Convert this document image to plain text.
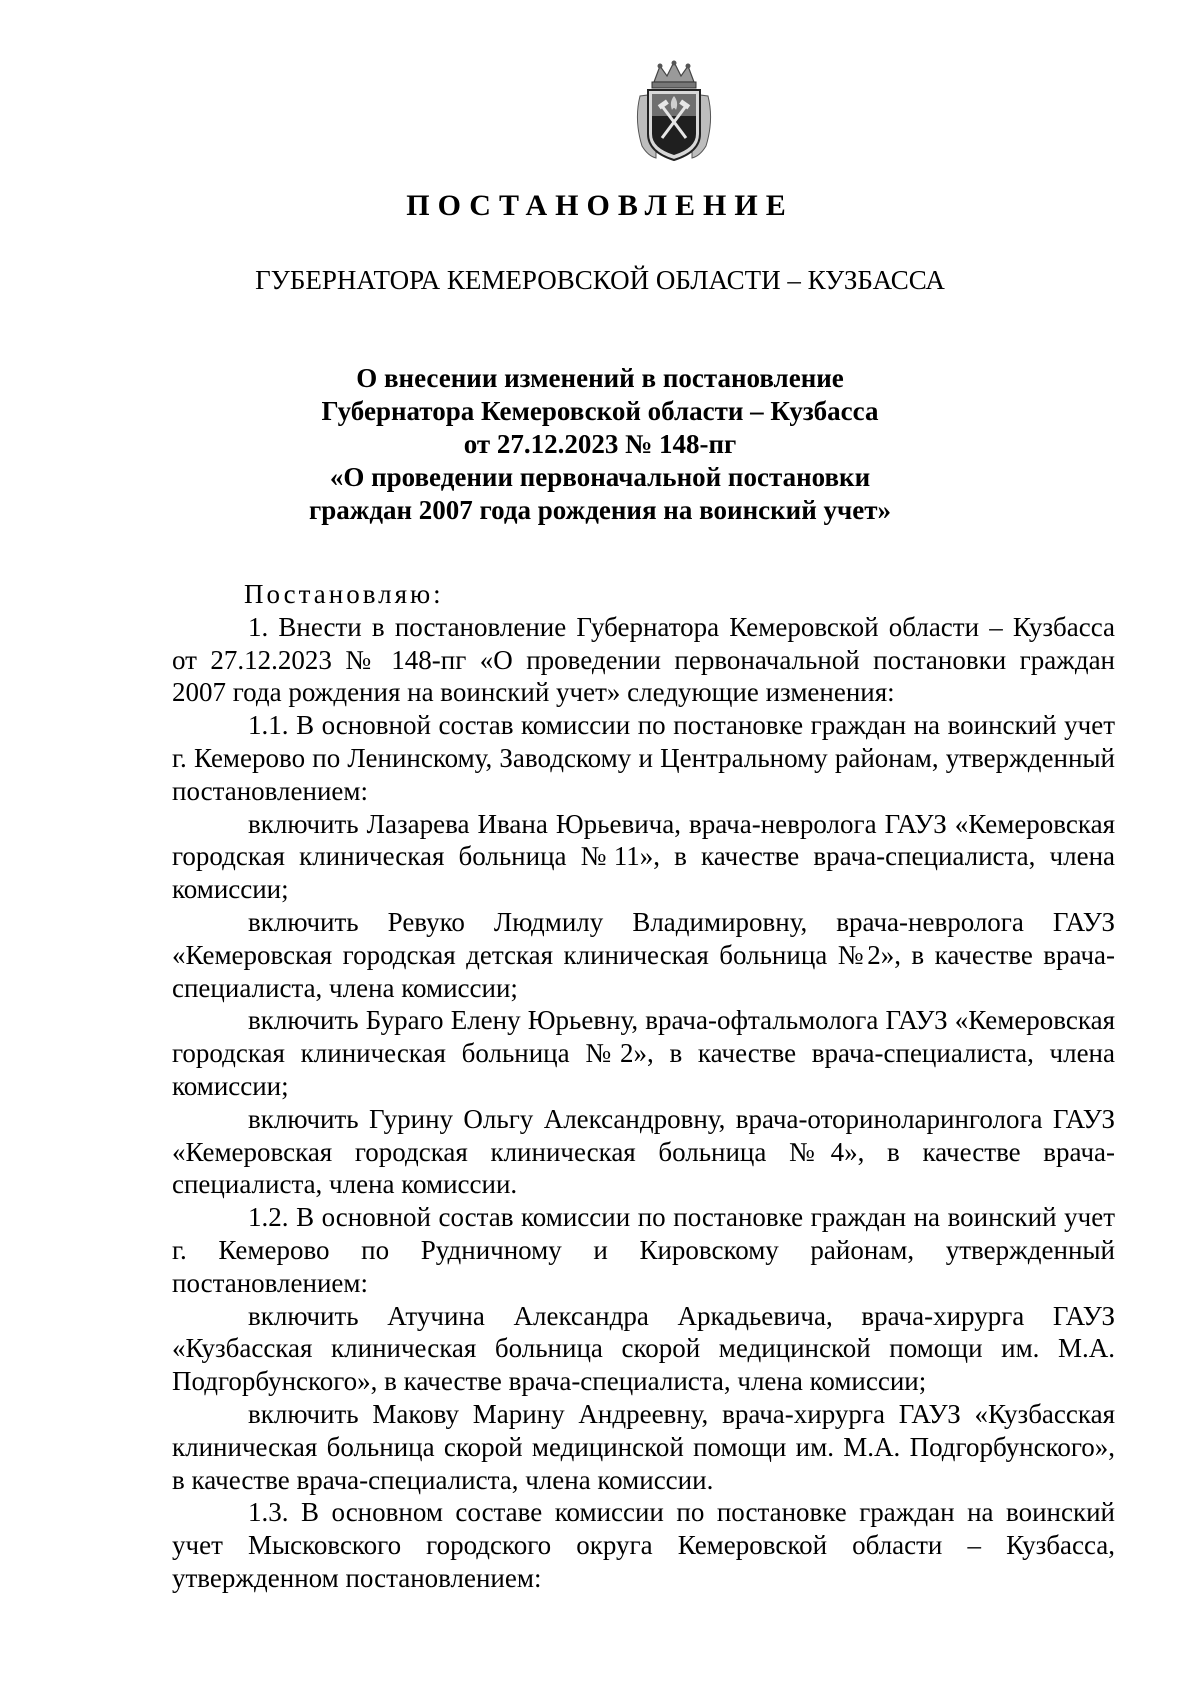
ПОСТАНОВЛЕНИЕ
ГУБЕРНАТОРА КЕМЕРОВСКОЙ ОБЛАСТИ – КУЗБАССА
О внесении изменений в постановление
Губернатора Кемеровской области – Кузбасса
от 27.12.2023 № 148-пг
«О проведении первоначальной постановки
граждан 2007 года рождения на воинский учет»

Постановляю:

1. Внести в постановление Губернатора Кемеровской области – Кузбасса от 27.12.2023 № 148-пг «О проведении первоначальной постановки граждан 2007 года рождения на воинский учет» следующие изменения:

1.1. В основной состав комиссии по постановке граждан на воинский учет г. Кемерово по Ленинскому, Заводскому и Центральному районам, утвержденный постановлением:

включить Лазарева Ивана Юрьевича, врача-невролога ГАУЗ «Кемеровская городская клиническая больница №11», в качестве врача-специалиста, члена комиссии;

включить Ревуко Людмилу Владимировну, врача-невролога ГАУЗ «Кемеровская городская детская клиническая больница №2», в качестве врача-специалиста, члена комиссии;

включить Бураго Елену Юрьевну, врача-офтальмолога ГАУЗ «Кемеровская городская клиническая больница №2», в качестве врача-специалиста, члена комиссии;

включить Гурину Ольгу Александровну, врача-оториноларинголога ГАУЗ «Кемеровская городская клиническая больница №4», в качестве врача-специалиста, члена комиссии.

1.2. В основной состав комиссии по постановке граждан на воинский учет г. Кемерово по Рудничному и Кировскому районам, утвержденный постановлением:

включить Атучина Александра Аркадьевича, врача-хирурга ГАУЗ «Кузбасская клиническая больница скорой медицинской помощи им. М.А. Подгорбунского», в качестве врача-специалиста, члена комиссии;

включить Макову Марину Андреевну, врача-хирурга ГАУЗ «Кузбасская клиническая больница скорой медицинской помощи им. М.А. Подгорбунского», в качестве врача-специалиста, члена комиссии.

1.3. В основном составе комиссии по постановке граждан на воинский учет Мысковского городского округа Кемеровской области – Кузбасса, утвержденном постановлением:
